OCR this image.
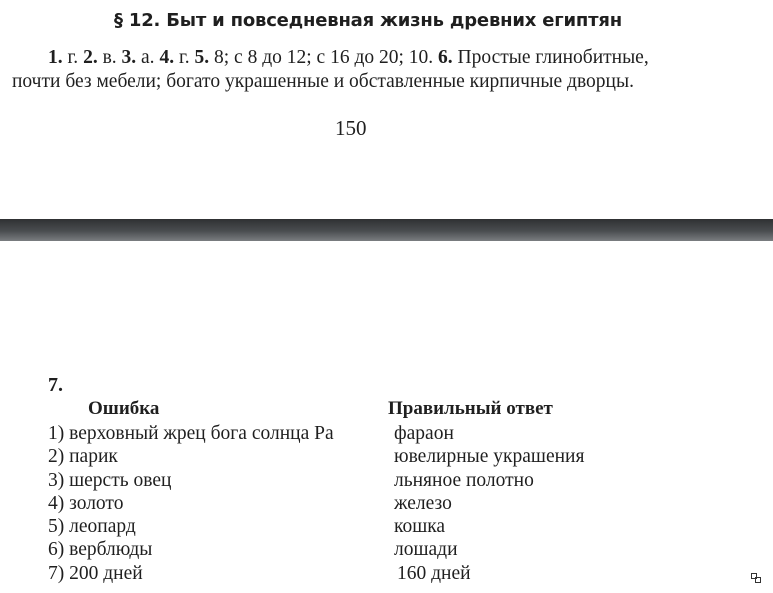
§ 12. Быт и повседневная жизнь древних египтян
1. г. 2. в. 3. а. 4. г. 5. 8; с 8 до 12; с 16 до 20; 10. 6. Простые глинобитные,
почти без мебели; богато украшенные и обставленные кирпичные дворцы.
150
7.
Ошибка	Правильный ответ
1) верховный жрец бога солнца Ра	фараон
2) парик	ювелирные украшения
3) шерсть овец	льняное полотно
4) золото	железо
5) леопард	кошка
6) верблюды	лошади
7) 200 дней	160 дней
